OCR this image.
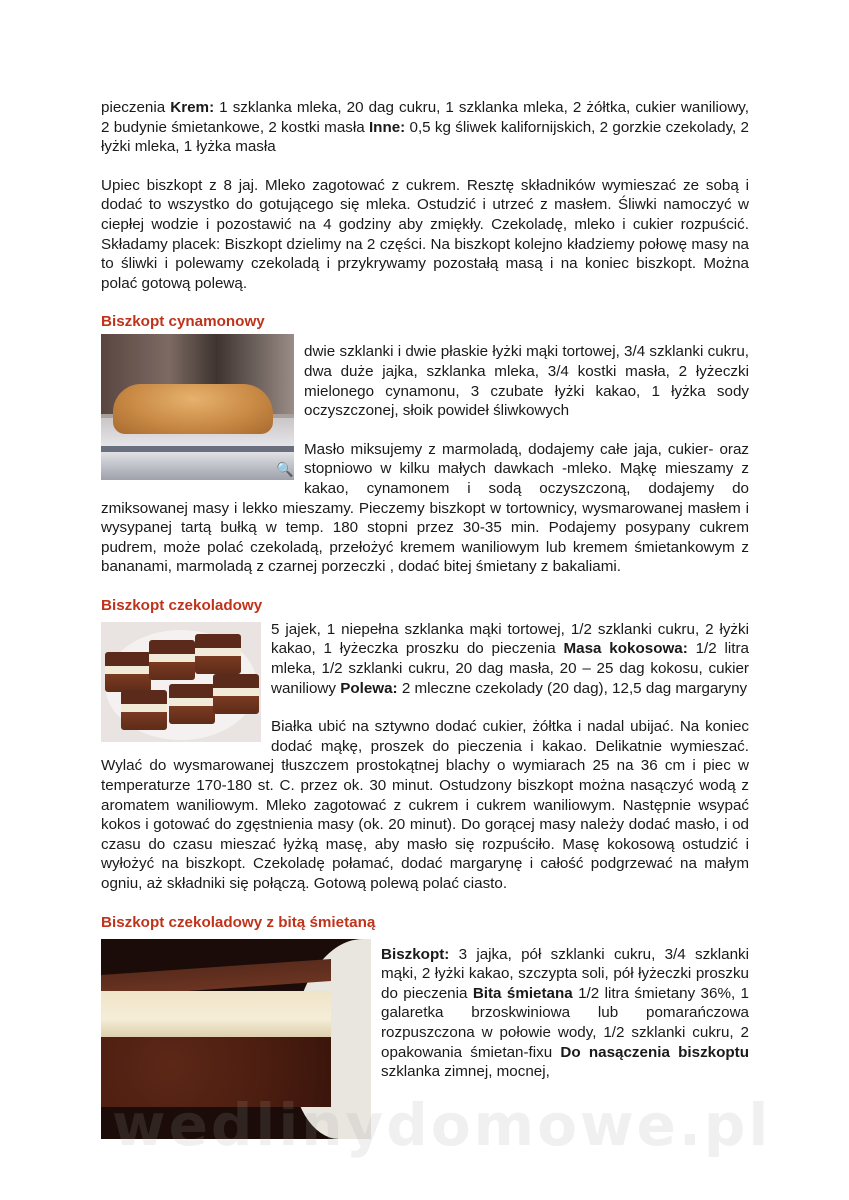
pieczenia Krem: 1 szklanka mleka, 20 dag cukru, 1 szklanka mleka, 2 żółtka, cukier waniliowy, 2 budynie śmietankowe, 2 kostki masła Inne: 0,5 kg śliwek kalifornijskich, 2 gorzkie czekolady, 2 łyżki mleka, 1 łyżka masła

Upiec biszkopt z 8 jaj. Mleko zagotować z cukrem. Resztę składników wymieszać ze sobą i dodać to wszystko do gotującego się mleka. Ostudzić i utrzeć z masłem. Śliwki namoczyć w ciepłej wodzie i pozostawić na 4 godziny aby zmiękły. Czekoladę, mleko i cukier rozpuścić. Składamy placek: Biszkopt dzielimy na 2 części. Na biszkopt kolejno kładziemy połowę masy na to śliwki i polewamy czekoladą i przykrywamy pozostałą masą i na koniec biszkopt. Można polać gotową polewą.

Biszkopt cynamonowy
🔍

dwie szklanki i dwie płaskie łyżki mąki tortowej, 3/4 szklanki cukru, dwa duże jajka, szklanka mleka, 3/4 kostki masła, 2 łyżeczki mielonego cynamonu, 3 czubate łyżki kakao, 1 łyżka sody oczyszczonej, słoik powideł śliwkowych

Masło miksujemy z marmoladą, dodajemy całe jaja, cukier- oraz stopniowo w kilku małych dawkach -mleko. Mąkę mieszamy z kakao, cynamonem i sodą oczyszczoną, dodajemy do zmiksowanej masy i lekko mieszamy. Pieczemy biszkopt w tortownicy, wysmarowanej masłem i wysypanej tartą bułką w temp. 180 stopni przez 30-35 min. Podajemy posypany cukrem pudrem, może polać czekoladą, przełożyć kremem waniliowym lub kremem śmietankowym z bananami, marmoladą z czarnej porzeczki , dodać bitej śmietany z bakaliami.

Biszkopt czekoladowy

5 jajek, 1 niepełna szklanka mąki tortowej, 1/2 szklanki cukru, 2 łyżki kakao, 1 łyżeczka proszku do pieczenia Masa kokosowa: 1/2 litra mleka, 1/2 szklanki cukru, 20 dag masła, 20 – 25 dag kokosu, cukier waniliowy Polewa: 2 mleczne czekolady (20 dag), 12,5 dag margaryny

Białka ubić na sztywno dodać cukier, żółtka i nadal ubijać. Na koniec dodać mąkę, proszek do pieczenia i kakao. Delikatnie wymieszać. Wylać do wysmarowanej tłuszczem prostokątnej blachy o wymiarach 25 na 36 cm i piec w temperaturze 170-180 st. C. przez ok. 30 minut. Ostudzony biszkopt można nasączyć wodą z aromatem waniliowym. Mleko zagotować z cukrem i cukrem waniliowym. Następnie wsypać kokos i gotować do zgęstnienia masy (ok. 20 minut). Do gorącej masy należy dodać masło, i od czasu do czasu mieszać łyżką masę, aby masło się rozpuściło. Masę kokosową ostudzić i wyłożyć na biszkopt. Czekoladę połamać, dodać margarynę i całość podgrzewać na małym ogniu, aż składniki się połączą. Gotową polewą polać ciasto.

Biszkopt czekoladowy z bitą śmietaną

Biszkopt: 3 jajka, pół szklanki cukru, 3/4 szklanki mąki, 2 łyżki kakao, szczypta soli, pół łyżeczki proszku do pieczenia Bita śmietana 1/2 litra śmietany 36%, 1 galaretka brzoskwiniowa lub pomarańczowa rozpuszczona w połowie wody, 1/2 szklanki cukru, 2 opakowania śmietan-fixu Do nasączenia biszkoptu szklanka zimnej, mocnej,

wedlinydomowe.pl
